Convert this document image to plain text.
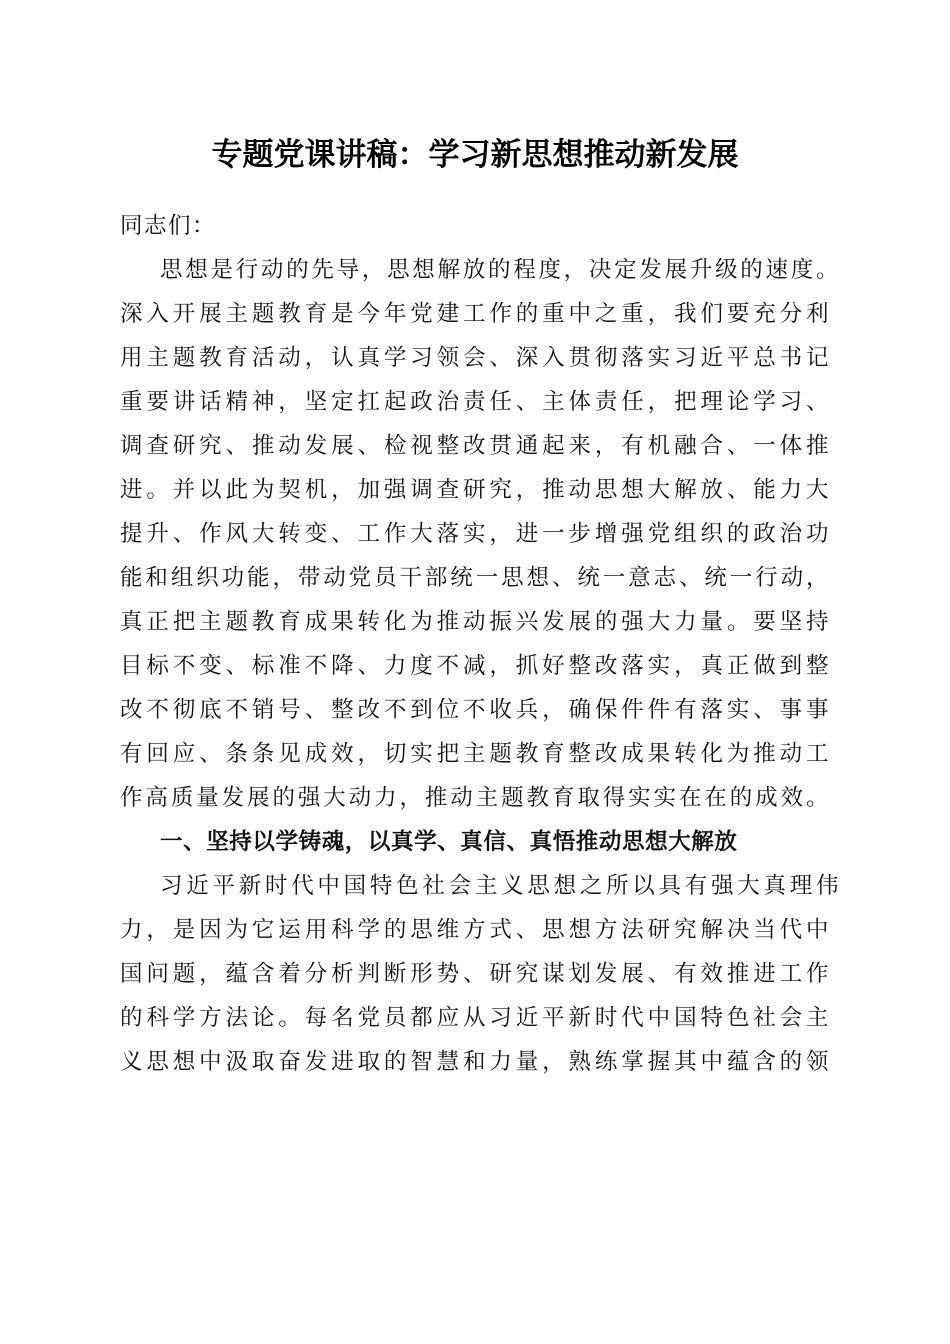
专题党课讲稿：学习新思想推动新发展

同志们：

思想是行动的先导，思想解放的程度，决定发展升级的速度。

深入开展主题教育是今年党建工作的重中之重，我们要充分利

用主题教育活动，认真学习领会、深入贯彻落实习近平总书记

重要讲话精神，坚定扛起政治责任、主体责任，把理论学习、

调查研究、推动发展、检视整改贯通起来，有机融合、一体推

进。并以此为契机，加强调查研究，推动思想大解放、能力大

提升、作风大转变、工作大落实，进一步增强党组织的政治功

能和组织功能，带动党员干部统一思想、统一意志、统一行动，

真正把主题教育成果转化为推动振兴发展的强大力量。要坚持

目标不变、标准不降、力度不减，抓好整改落实，真正做到整

改不彻底不销号、整改不到位不收兵，确保件件有落实、事事

有回应、条条见成效，切实把主题教育整改成果转化为推动工

作高质量发展的强大动力，推动主题教育取得实实在在的成效。

一、坚持以学铸魂，以真学、真信、真悟推动思想大解放

习近平新时代中国特色社会主义思想之所以具有强大真理伟

力，是因为它运用科学的思维方式、思想方法研究解决当代中

国问题，蕴含着分析判断形势、研究谋划发展、有效推进工作

的科学方法论。每名党员都应从习近平新时代中国特色社会主

义思想中汲取奋发进取的智慧和力量，熟练掌握其中蕴含的领
